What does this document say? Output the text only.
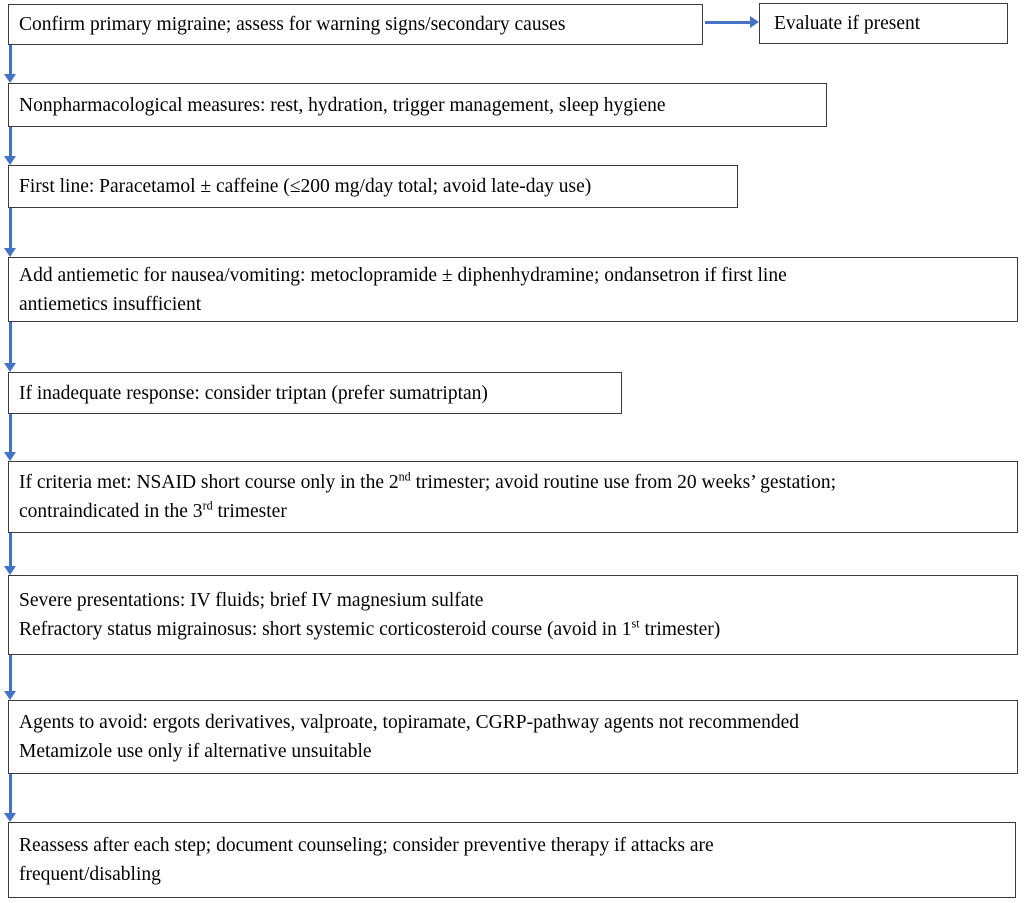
Confirm primary migraine; assess for warning signs/secondary causes	Evaluate if present
Nonpharmacological measures: rest, hydration, trigger management, sleep hygiene
First line: Paracetamol ± caffeine (≤200 mg/day total; avoid late-day use)
Add antiemetic for nausea/vomiting: metoclopramide ± diphenhydramine; ondansetron if first line
antiemetics insufficient
If inadequate response: consider triptan (prefer sumatriptan)
If criteria met: NSAID short course only in the 2nd trimester; avoid routine use from 20 weeks’ gestation;
contraindicated in the 3rd trimester
Severe presentations: IV fluids; brief IV magnesium sulfate
Refractory status migrainosus: short systemic corticosteroid course (avoid in 1st trimester)
Agents to avoid: ergots derivatives, valproate, topiramate, CGRP-pathway agents not recommended
Metamizole use only if alternative unsuitable
Reassess after each step; document counseling; consider preventive therapy if attacks are
frequent/disabling
